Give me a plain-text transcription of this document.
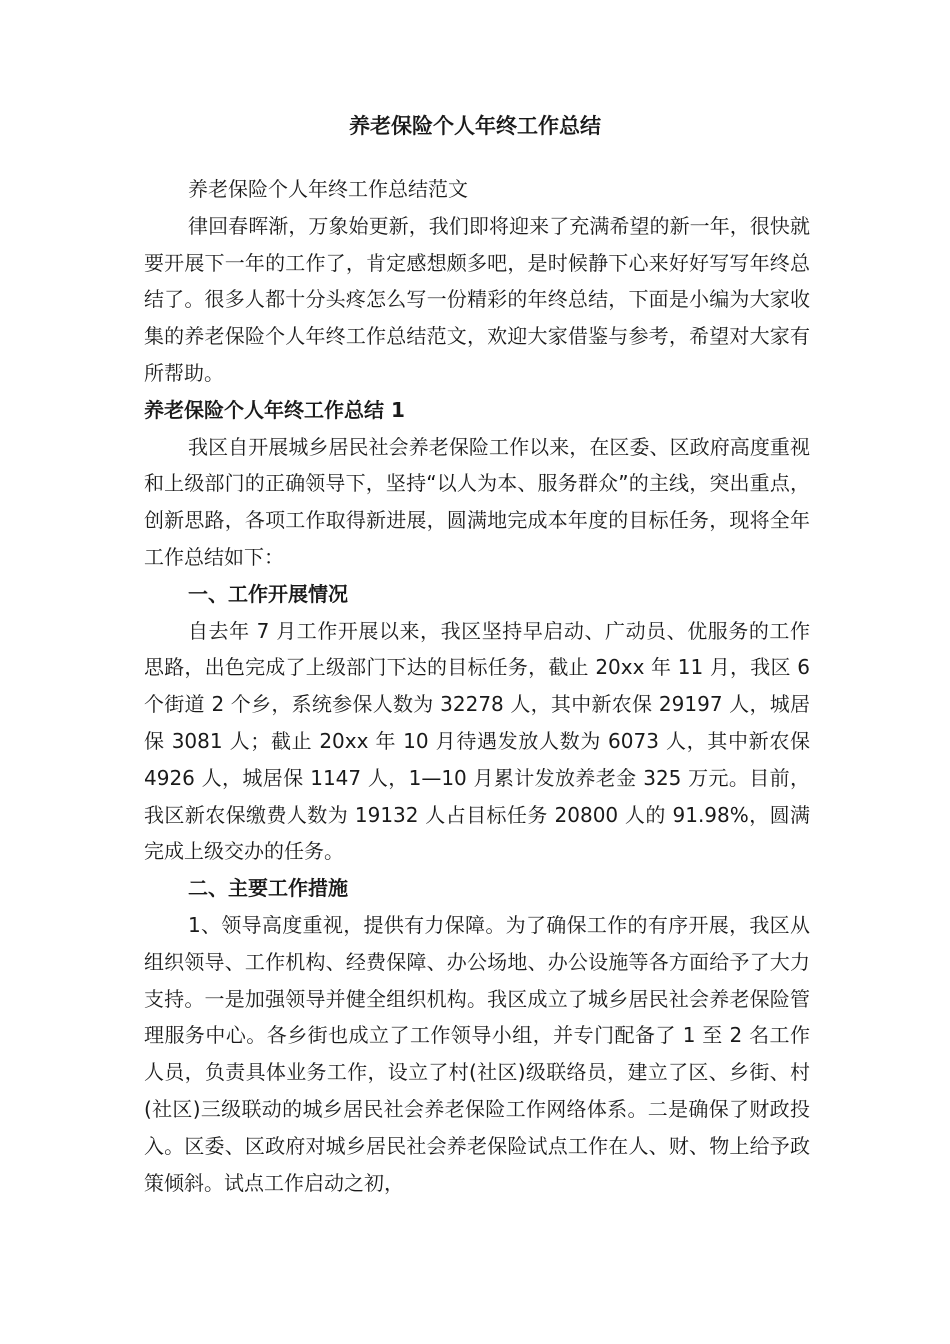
养老保险个人年终工作总结

养老保险个人年终工作总结范文

律回春晖渐，万象始更新，我们即将迎来了充满希望的新一年，很快就要开展下一年的工作了，肯定感想颇多吧，是时候静下心来好好写写年终总结了。很多人都十分头疼怎么写一份精彩的年终总结，下面是小编为大家收集的养老保险个人年终工作总结范文，欢迎大家借鉴与参考，希望对大家有所帮助。

养老保险个人年终工作总结 1

我区自开展城乡居民社会养老保险工作以来，在区委、区政府高度重视和上级部门的正确领导下，坚持“以人为本、服务群众”的主线，突出重点，创新思路，各项工作取得新进展，圆满地完成本年度的目标任务，现将全年工作总结如下：

一、工作开展情况

自去年 7 月工作开展以来，我区坚持早启动、广动员、优服务的工作思路，出色完成了上级部门下达的目标任务，截止 20xx 年 11 月，我区 6 个街道 2 个乡，系统参保人数为 32278 人，其中新农保 29197 人，城居保 3081 人；截止 20xx 年 10 月待遇发放人数为 6073 人，其中新农保 4926 人，城居保 1147 人，1—10 月累计发放养老金 325 万元。目前，我区新农保缴费人数为 19132 人占目标任务 20800 人的 91.98%，圆满完成上级交办的任务。

二、主要工作措施

1、领导高度重视，提供有力保障。为了确保工作的有序开展，我区从组织领导、工作机构、经费保障、办公场地、办公设施等各方面给予了大力支持。一是加强领导并健全组织机构。我区成立了城乡居民社会养老保险管理服务中心。各乡街也成立了工作领导小组，并专门配备了 1 至 2 名工作人员，负责具体业务工作，设立了村(社区)级联络员，建立了区、乡街、村(社区)三级联动的城乡居民社会养老保险工作网络体系。二是确保了财政投入。区委、区政府对城乡居民社会养老保险试点工作在人、财、物上给予政策倾斜。试点工作启动之初，
